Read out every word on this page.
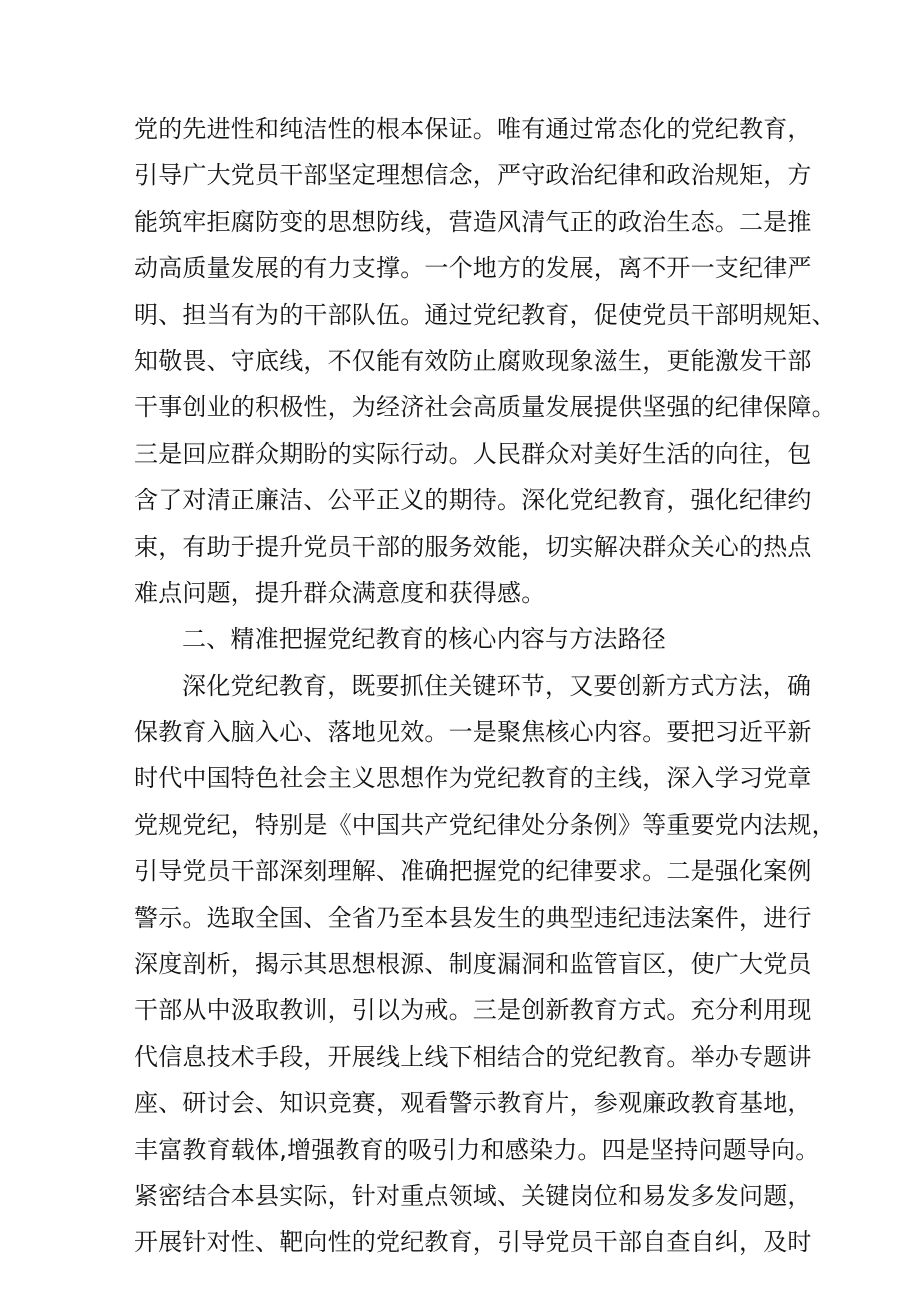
党的先进性和纯洁性的根本保证。唯有通过常态化的党纪教育，
引导广大党员干部坚定理想信念，严守政治纪律和政治规矩，方
能筑牢拒腐防变的思想防线，营造风清气正的政治生态。二是推
动高质量发展的有力支撑。一个地方的发展，离不开一支纪律严
明、担当有为的干部队伍。通过党纪教育，促使党员干部明规矩、
知敬畏、守底线，不仅能有效防止腐败现象滋生，更能激发干部
干事创业的积极性，为经济社会高质量发展提供坚强的纪律保障。
三是回应群众期盼的实际行动。人民群众对美好生活的向往，包
含了对清正廉洁、公平正义的期待。深化党纪教育，强化纪律约
束，有助于提升党员干部的服务效能，切实解决群众关心的热点
难点问题，提升群众满意度和获得感。
二、精准把握党纪教育的核心内容与方法路径
深化党纪教育，既要抓住关键环节，又要创新方式方法，确
保教育入脑入心、落地见效。一是聚焦核心内容。要把习近平新
时代中国特色社会主义思想作为党纪教育的主线，深入学习党章
党规党纪，特别是《中国共产党纪律处分条例》等重要党内法规，
引导党员干部深刻理解、准确把握党的纪律要求。二是强化案例
警示。选取全国、全省乃至本县发生的典型违纪违法案件，进行
深度剖析，揭示其思想根源、制度漏洞和监管盲区，使广大党员
干部从中汲取教训，引以为戒。三是创新教育方式。充分利用现
代信息技术手段，开展线上线下相结合的党纪教育。举办专题讲
座、研讨会、知识竞赛，观看警示教育片，参观廉政教育基地，
丰富教育载体,增强教育的吸引力和感染力。四是坚持问题导向。
紧密结合本县实际，针对重点领域、关键岗位和易发多发问题，
开展针对性、靶向性的党纪教育，引导党员干部自查自纠，及时
